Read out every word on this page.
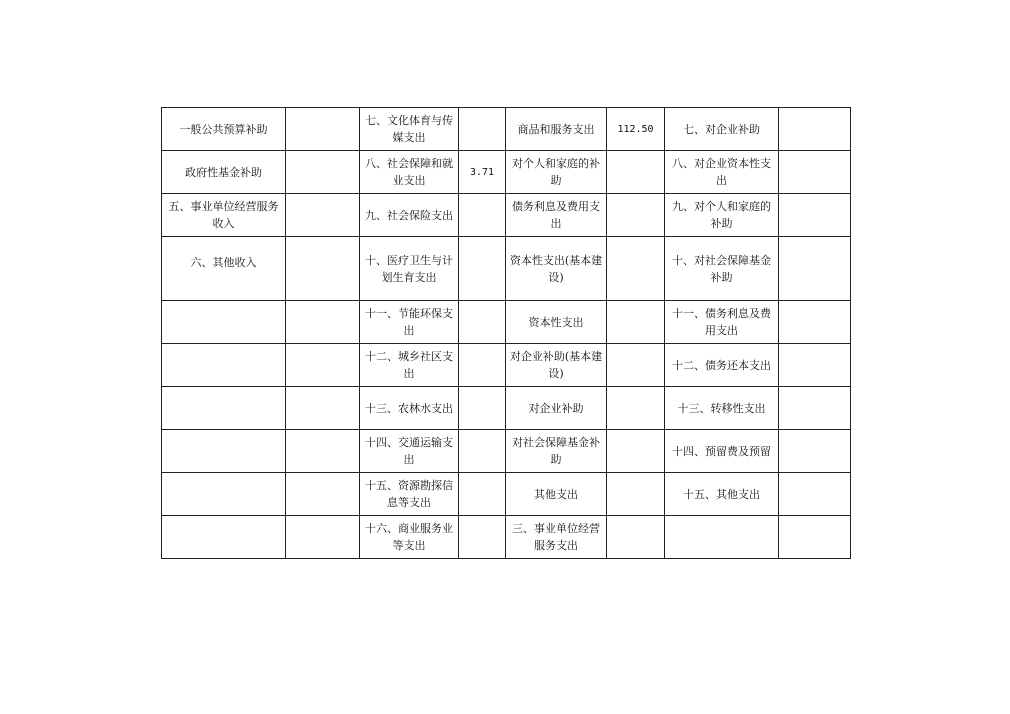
一般公共预算补助		七、文化体育与传媒支出		商品和服务支出	112.50	七、对企业补助	
政府性基金补助		八、社会保障和就业支出	3.71	对个人和家庭的补助		八、对企业资本性支出	
五、事业单位经营服务收入		九、社会保险支出		债务利息及费用支出		九、对个人和家庭的补助	
六、其他收入		十、医疗卫生与计划生育支出		资本性支出(基本建设)		十、对社会保障基金补助	
		十一、节能环保支出		资本性支出		十一、债务利息及费用支出	
		十二、城乡社区支出		对企业补助(基本建设)		十二、债务还本支出	
		十三、农林水支出		对企业补助		十三、转移性支出	
		十四、交通运输支出		对社会保障基金补助		十四、预留费及预留	
		十五、资源勘探信息等支出		其他支出		十五、其他支出	
		十六、商业服务业等支出		三、事业单位经营服务支出			
